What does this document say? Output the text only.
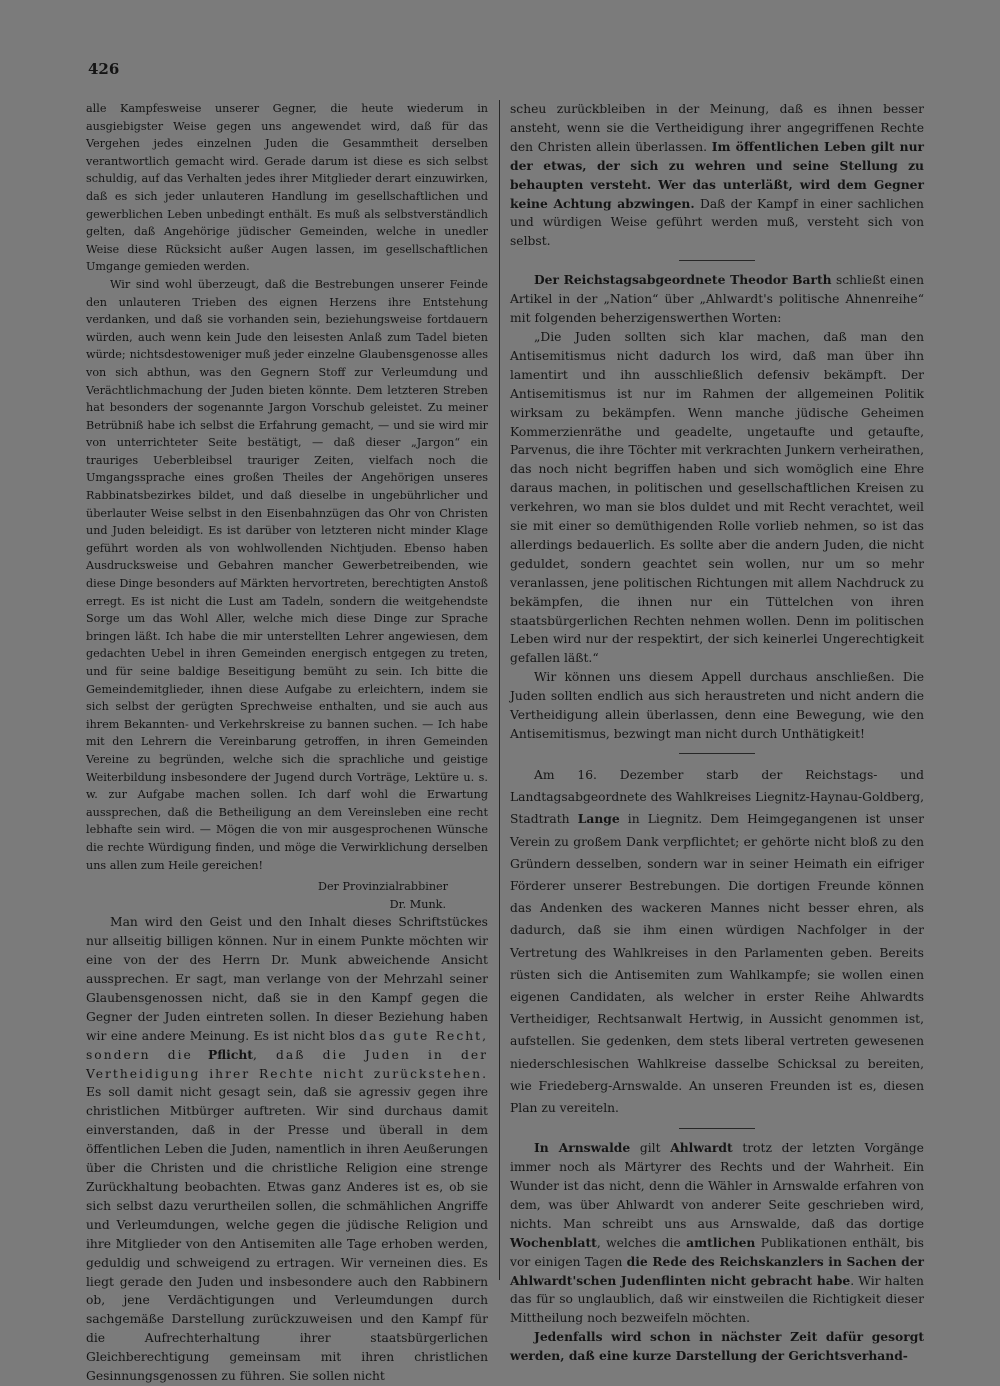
426

alle Kampfesweise unserer Gegner, die heute wiederum in ausgiebigster Weise gegen uns angewendet wird, daß für das Vergehen jedes einzelnen Juden die Gesammtheit derselben verantwortlich gemacht wird. Gerade darum ist diese es sich selbst schuldig, auf das Verhalten jedes ihrer Mitglieder derart einzuwirken, daß es sich jeder unlauteren Handlung im gesellschaftlichen und gewerblichen Leben unbedingt enthält. Es muß als selbstverständlich gelten, daß Angehörige jüdischer Gemeinden, welche in unedler Weise diese Rücksicht außer Augen lassen, im gesellschaftlichen Umgange gemieden werden.

Wir sind wohl überzeugt, daß die Bestrebungen unserer Feinde den unlauteren Trieben des eignen Herzens ihre Entstehung verdanken, und daß sie vorhanden sein, beziehungsweise fortdauern würden, auch wenn kein Jude den leisesten Anlaß zum Tadel bieten würde; nichtsdestoweniger muß jeder einzelne Glaubensgenosse alles von sich abthun, was den Gegnern Stoff zur Verleumdung und Verächtlichmachung der Juden bieten könnte. Dem letzteren Streben hat besonders der sogenannte Jargon Vorschub geleistet. Zu meiner Betrübniß habe ich selbst die Erfahrung gemacht, — und sie wird mir von unterrichteter Seite bestätigt, — daß dieser „Jargon“ ein trauriges Ueberbleibsel trauriger Zeiten, vielfach noch die Umgangssprache eines großen Theiles der Angehörigen unseres Rabbinatsbezirkes bildet, und daß dieselbe in ungebührlicher und überlauter Weise selbst in den Eisenbahnzügen das Ohr von Christen und Juden beleidigt. Es ist darüber von letzteren nicht minder Klage geführt worden als von wohlwollenden Nichtjuden. Ebenso haben Ausdrucksweise und Gebahren mancher Gewerbetreibenden, wie diese Dinge besonders auf Märkten hervortreten, berechtigten Anstoß erregt. Es ist nicht die Lust am Tadeln, sondern die weitgehendste Sorge um das Wohl Aller, welche mich diese Dinge zur Sprache bringen läßt. Ich habe die mir unterstellten Lehrer angewiesen, dem gedachten Uebel in ihren Gemeinden energisch entgegen zu treten, und für seine baldige Beseitigung bemüht zu sein. Ich bitte die Gemeindemitglieder, ihnen diese Aufgabe zu erleichtern, indem sie sich selbst der gerügten Sprechweise enthalten, und sie auch aus ihrem Bekannten- und Verkehrskreise zu bannen suchen. — Ich habe mit den Lehrern die Vereinbarung getroffen, in ihren Gemeinden Vereine zu begründen, welche sich die sprachliche und geistige Weiterbildung insbesondere der Jugend durch Vorträge, Lektüre u. s. w. zur Aufgabe machen sollen. Ich darf wohl die Erwartung aussprechen, daß die Betheiligung an dem Vereinsleben eine recht lebhafte sein wird. — Mögen die von mir ausgesprochenen Wünsche die rechte Würdigung finden, und möge die Verwirklichung derselben uns allen zum Heile gereichen!

Der Provinzialrabbiner

Dr. Munk.

Man wird den Geist und den Inhalt dieses Schriftstückes nur allseitig billigen können. Nur in einem Punkte möchten wir eine von der des Herrn Dr. Munk abweichende Ansicht aussprechen. Er sagt, man verlange von der Mehrzahl seiner Glaubensgenossen nicht, daß sie in den Kampf gegen die Gegner der Juden eintreten sollen. In dieser Beziehung haben wir eine andere Meinung. Es ist nicht blos das gute Recht, sondern die Pflicht, daß die Juden in der Vertheidigung ihrer Rechte nicht zurückstehen. Es soll damit nicht gesagt sein, daß sie agressiv gegen ihre christlichen Mitbürger auftreten. Wir sind durchaus damit einverstanden, daß in der Presse und überall in dem öffentlichen Leben die Juden, namentlich in ihren Aeußerungen über die Christen und die christliche Religion eine strenge Zurückhaltung beobachten. Etwas ganz Anderes ist es, ob sie sich selbst dazu verurtheilen sollen, die schmählichen Angriffe und Verleumdungen, welche gegen die jüdische Religion und ihre Mitglieder von den Antisemiten alle Tage erhoben werden, geduldig und schweigend zu ertragen. Wir verneinen dies. Es liegt gerade den Juden und insbesondere auch den Rabbinern ob, jene Verdächtigungen und Verleumdungen durch sachgemäße Darstellung zurückzuweisen und den Kampf für die Aufrechterhaltung ihrer staatsbürgerlichen Gleichberechtigung gemeinsam mit ihren christlichen Gesinnungsgenossen zu führen. Sie sollen nicht

scheu zurückbleiben in der Meinung, daß es ihnen besser ansteht, wenn sie die Vertheidigung ihrer angegriffenen Rechte den Christen allein überlassen. Im öffentlichen Leben gilt nur der etwas, der sich zu wehren und seine Stellung zu behaupten versteht. Wer das unterläßt, wird dem Gegner keine Achtung abzwingen. Daß der Kampf in einer sachlichen und würdigen Weise geführt werden muß, versteht sich von selbst.

Der Reichstagsabgeordnete Theodor Barth schließt einen Artikel in der „Nation“ über „Ahlwardt's politische Ahnenreihe“ mit folgenden beherzigenswerthen Worten:

„Die Juden sollten sich klar machen, daß man den Antisemitismus nicht dadurch los wird, daß man über ihn lamentirt und ihn ausschließlich defensiv bekämpft. Der Antisemitismus ist nur im Rahmen der allgemeinen Politik wirksam zu bekämpfen. Wenn manche jüdische Geheimen Kommerzienräthe und geadelte, ungetaufte und getaufte, Parvenus, die ihre Töchter mit verkrachten Junkern verheirathen, das noch nicht begriffen haben und sich womöglich eine Ehre daraus machen, in politischen und gesellschaftlichen Kreisen zu verkehren, wo man sie blos duldet und mit Recht verachtet, weil sie mit einer so demüthigenden Rolle vorlieb nehmen, so ist das allerdings bedauerlich. Es sollte aber die andern Juden, die nicht geduldet, sondern geachtet sein wollen, nur um so mehr veranlassen, jene politischen Richtungen mit allem Nachdruck zu bekämpfen, die ihnen nur ein Tüttelchen von ihren staatsbürgerlichen Rechten nehmen wollen. Denn im politischen Leben wird nur der respektirt, der sich keinerlei Ungerechtigkeit gefallen läßt.“

Wir können uns diesem Appell durchaus anschließen. Die Juden sollten endlich aus sich heraustreten und nicht andern die Vertheidigung allein überlassen, denn eine Bewegung, wie den Antisemitismus, bezwingt man nicht durch Unthätigkeit!

Am 16. Dezember starb der Reichstags- und Landtagsabgeordnete des Wahlkreises Liegnitz-Haynau-Goldberg, Stadtrath Lange in Liegnitz. Dem Heimgegangenen ist unser Verein zu großem Dank verpflichtet; er gehörte nicht bloß zu den Gründern desselben, sondern war in seiner Heimath ein eifriger Förderer unserer Bestrebungen. Die dortigen Freunde können das Andenken des wackeren Mannes nicht besser ehren, als dadurch, daß sie ihm einen würdigen Nachfolger in der Vertretung des Wahlkreises in den Parlamenten geben. Bereits rüsten sich die Antisemiten zum Wahlkampfe; sie wollen einen eigenen Candidaten, als welcher in erster Reihe Ahlwardts Vertheidiger, Rechtsanwalt Hertwig, in Aussicht genommen ist, aufstellen. Sie gedenken, dem stets liberal vertreten gewesenen niederschlesischen Wahlkreise dasselbe Schicksal zu bereiten, wie Friedeberg-Arnswalde. An unseren Freunden ist es, diesen Plan zu vereiteln.

In Arnswalde gilt Ahlwardt trotz der letzten Vorgänge immer noch als Märtyrer des Rechts und der Wahrheit. Ein Wunder ist das nicht, denn die Wähler in Arnswalde erfahren von dem, was über Ahlwardt von anderer Seite geschrieben wird, nichts. Man schreibt uns aus Arnswalde, daß das dortige Wochenblatt, welches die amtlichen Publikationen enthält, bis vor einigen Tagen die Rede des Reichskanzlers in Sachen der Ahlwardt'schen Judenflinten nicht gebracht habe. Wir halten das für so unglaublich, daß wir einstweilen die Richtigkeit dieser Mittheilung noch bezweifeln möchten.

Jedenfalls wird schon in nächster Zeit dafür gesorgt werden, daß eine kurze Darstellung der Gerichtsverhand-
